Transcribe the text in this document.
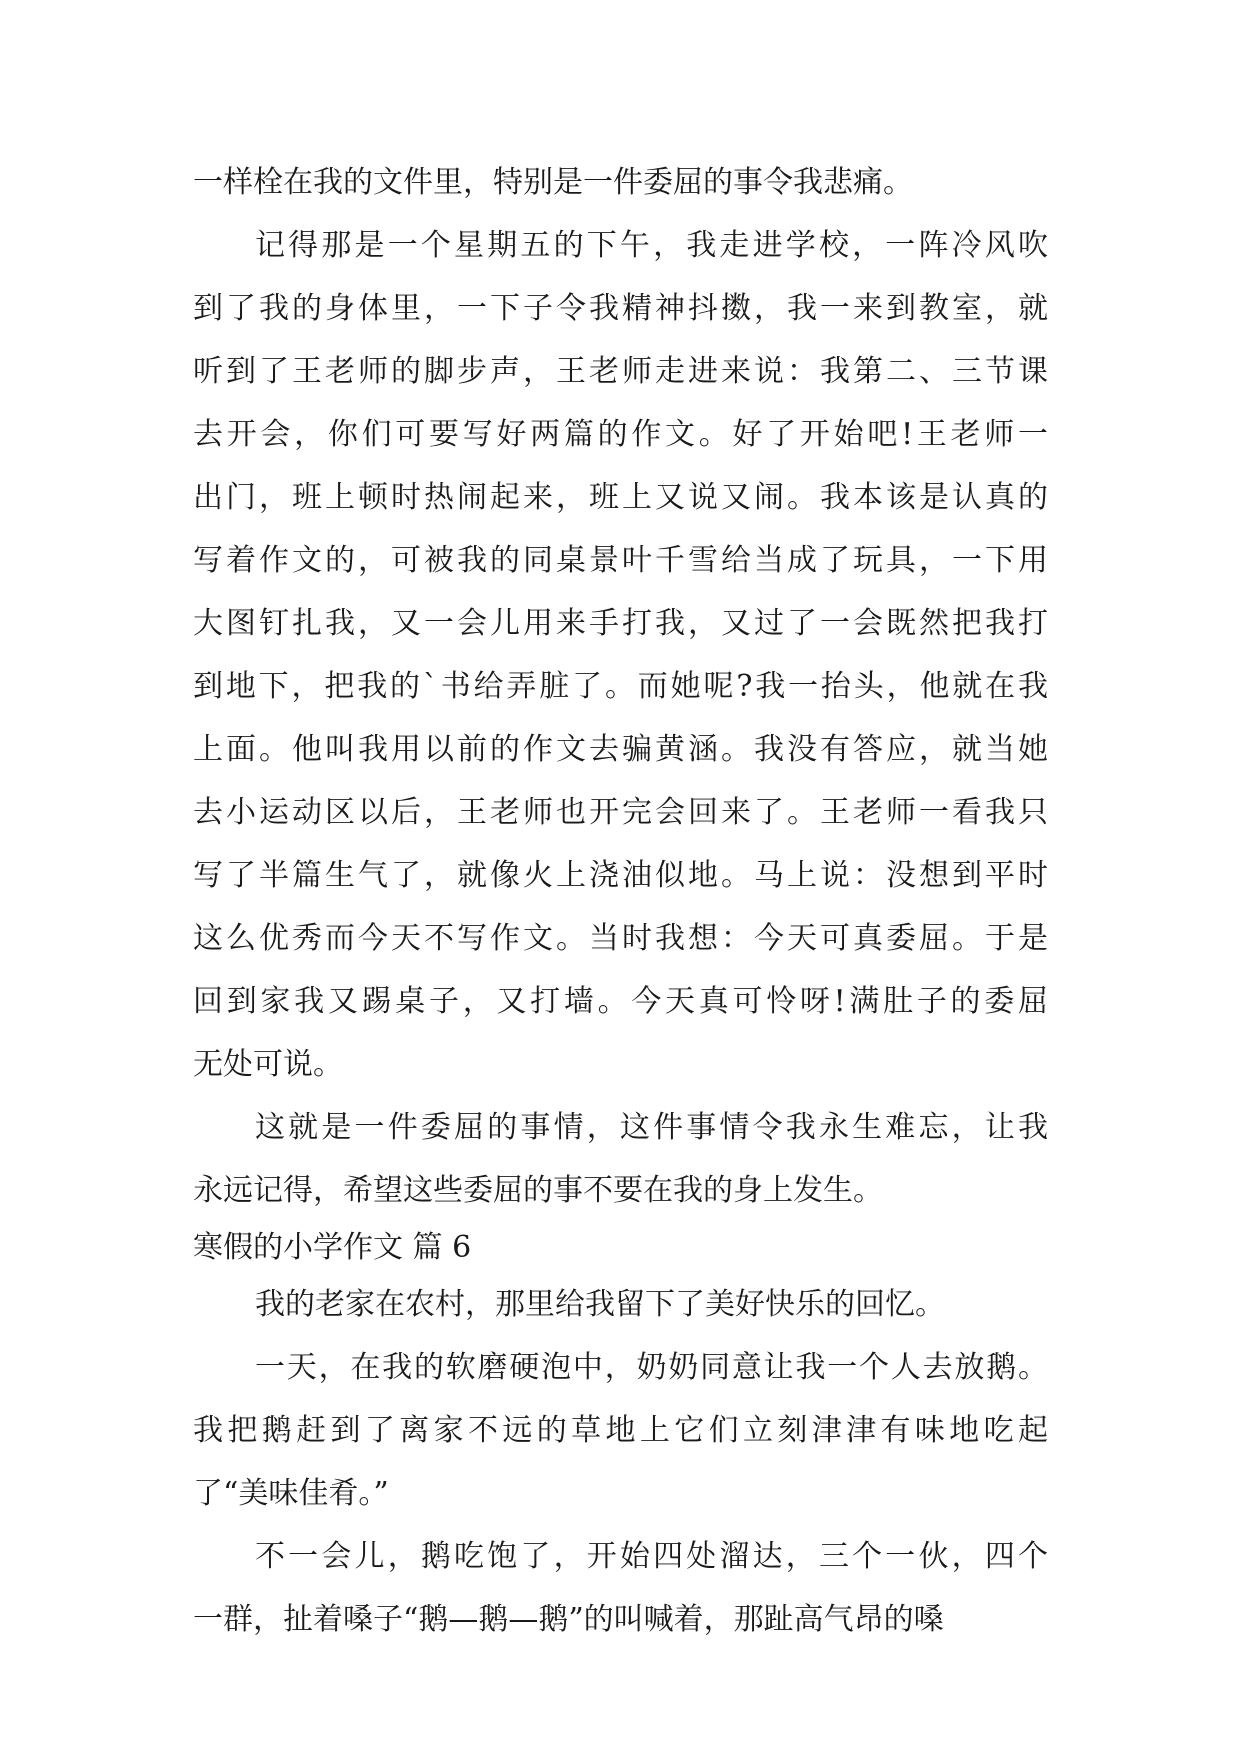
一样栓在我的文件里，特别是一件委屈的事令我悲痛。
记得那是一个星期五的下午，我走进学校，一阵冷风吹
到了我的身体里，一下子令我精神抖擞，我一来到教室，就
听到了王老师的脚步声，王老师走进来说：我第二、三节课
去开会，你们可要写好两篇的作文。好了开始吧!王老师一
出门，班上顿时热闹起来，班上又说又闹。我本该是认真的
写着作文的，可被我的同桌景叶千雪给当成了玩具，一下用
大图钉扎我，又一会儿用来手打我，又过了一会既然把我打
到地下，把我的`书给弄脏了。而她呢?我一抬头，他就在我
上面。他叫我用以前的作文去骗黄涵。我没有答应，就当她
去小运动区以后，王老师也开完会回来了。王老师一看我只
写了半篇生气了，就像火上浇油似地。马上说：没想到平时
这么优秀而今天不写作文。当时我想：今天可真委屈。于是
回到家我又踢桌子，又打墙。今天真可怜呀!满肚子的委屈
无处可说。
这就是一件委屈的事情，这件事情令我永生难忘，让我
永远记得，希望这些委屈的事不要在我的身上发生。
寒假的小学作文 篇 6
我的老家在农村，那里给我留下了美好快乐的回忆。
一天，在我的软磨硬泡中，奶奶同意让我一个人去放鹅。
我把鹅赶到了离家不远的草地上它们立刻津津有味地吃起
了“美味佳肴。”
不一会儿，鹅吃饱了，开始四处溜达，三个一伙，四个
一群，扯着嗓子“鹅—鹅—鹅”的叫喊着，那趾高气昂的嗓
